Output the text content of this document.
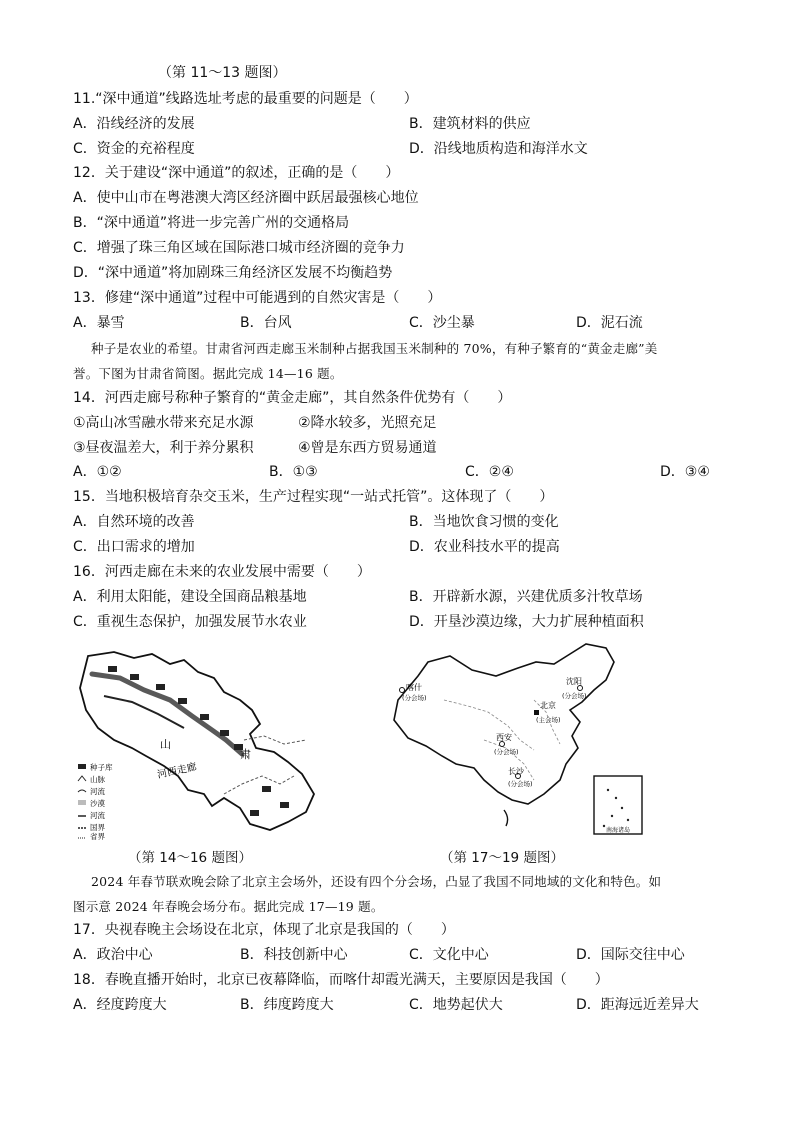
（第 11～13 题图）
11.“深中通道”线路选址考虑的最重要的问题是（　　）
A．沿线经济的发展	B．建筑材料的供应
C．资金的充裕程度	D．沿线地质构造和海洋水文
12．关于建设“深中通道”的叙述，正确的是（　　）
A．使中山市在粤港澳大湾区经济圈中跃居最强核心地位
B．“深中通道”将进一步完善广州的交通格局
C．增强了珠三角区域在国际港口城市经济圈的竞争力
D．“深中通道”将加剧珠三角经济区发展不均衡趋势
13．修建“深中通道”过程中可能遇到的自然灾害是（　　）
A．暴雪	B．台风	C．沙尘暴	D．泥石流
种子是农业的希望。甘肃省河西走廊玉米制种占据我国玉米制种的 70%，有种子繁育的“黄金走廊”美
誉。下图为甘肃省简图。据此完成 14—16 题。
14．河西走廊号称种子繁育的“黄金走廊”，其自然条件优势有（　　）
①高山冰雪融水带来充足水源	②降水较多，光照充足
③昼夜温差大，利于养分累积	④曾是东西方贸易通道
A．①②	B．①③	C．②④	D．③④
15．当地积极培育杂交玉米，生产过程实现“一站式托管”。这体现了（　　）
A．自然环境的改善	B．当地饮食习惯的变化
C．出口需求的增加	D．农业科技水平的提高
16．河西走廊在未来的农业发展中需要（　　）
A．利用太阳能，建设全国商品粮基地	B．开辟新水源，兴建优质多汁牧草场
C．重视生态保护，加强发展节水农业	D．开垦沙漠边缘，大力扩展种植面积
山
河西走廊
肃
种子库
山脉
河流
沙漠
河流
国界
省界
（第 14～16 题图）
南海诸岛
喀什
(分会场)
沈阳
(分会场)
北京
(主会场)
西安
(分会场)
长沙
(分会场)
（第 17～19 题图）
2024 年春节联欢晚会除了北京主会场外，还设有四个分会场，凸显了我国不同地域的文化和特色。如
图示意 2024 年春晚会场分布。据此完成 17—19 题。
17．央视春晚主会场设在北京，体现了北京是我国的（　　）
A．政治中心	B．科技创新中心	C．文化中心	D．国际交往中心
18．春晚直播开始时，北京已夜幕降临，而喀什却霞光满天，主要原因是我国（　　）
A．经度跨度大	B．纬度跨度大	C．地势起伏大	D．距海远近差异大
